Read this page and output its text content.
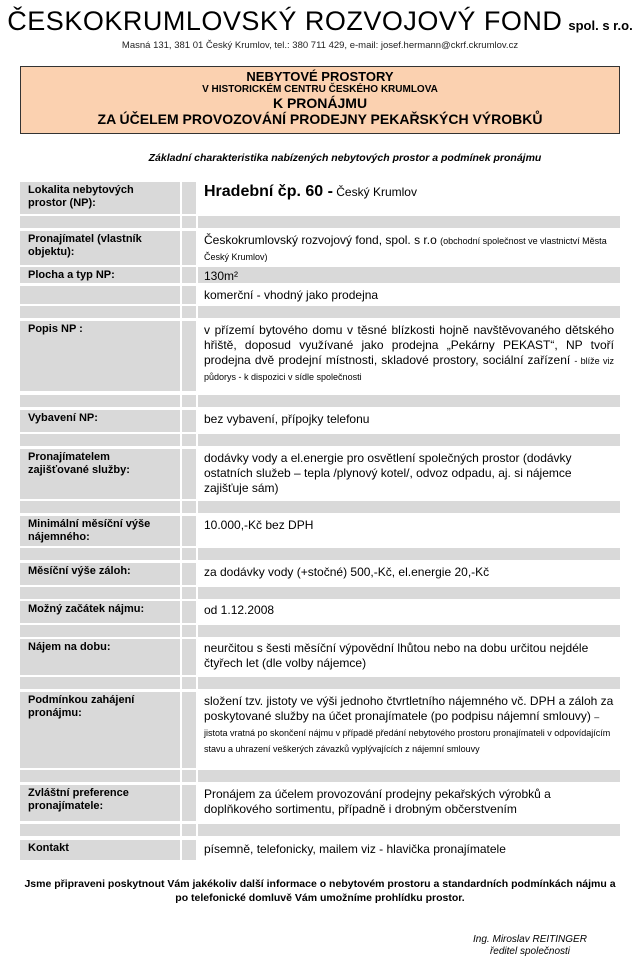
ČESKOKRUMLOVSKÝ ROZVOJOVÝ FOND spol. s r.o.
Masná 131, 381 01 Český Krumlov, tel.: 380 711 429, e-mail: josef.hermann@ckrf.ckrumlov.cz
NEBYTOVÉ PROSTORY
V HISTORICKÉM CENTRU ČESKÉHO KRUMLOVA
K PRONÁJMU
ZA ÚČELEM PROVOZOVÁNÍ PRODEJNY PEKAŘSKÝCH VÝROBKŮ
Základní charakteristika nabízených nebytových prostor a podmínek pronájmu
Lokalita nebytových prostor (NP):
Hradební čp. 60 - Český Krumlov
Pronajímatel (vlastník objektu):
Českokrumlovský rozvojový fond, spol. s r.o (obchodní společnost ve vlastnictví Města Český Krumlov)
Plocha a typ NP:	130m²
komerční - vhodný jako prodejna
Popis NP :	v přízemí bytového domu v těsné blízkosti hojně navštěvovaného dětského hřiště, doposud využívané jako prodejna „Pekárny PEKAST“, NP tvoří prodejna dvě prodejní místnosti, skladové prostory, sociální zařízení - blíže viz půdorys - k dispozici v sídle společnosti
Vybavení NP:	bez vybavení, přípojky telefonu
Pronajímatelem zajišťované služby:
dodávky vody a el.energie pro osvětlení společných prostor (dodávky ostatních služeb – tepla /plynový kotel/, odvoz odpadu, aj. si nájemce zajišťuje sám)
Minimální měsíční výše nájemného:
10.000,-Kč bez DPH
Měsíční výše záloh:	za dodávky vody (+stočné) 500,-Kč, el.energie 20,-Kč
Možný začátek nájmu:	od 1.12.2008
Nájem na dobu:	neurčitou s šesti měsíční výpovědní lhůtou nebo na dobu určitou nejdéle čtyřech let (dle volby nájemce)
Podmínkou zahájení pronájmu:
složení tzv. jistoty ve výši jednoho čtvrtletního nájemného vč. DPH a záloh za poskytované služby na účet pronajímatele (po podpisu nájemní smlouvy) – jistota vratná po skončení nájmu v případě předání nebytového prostoru pronajímateli v odpovídajícím stavu a uhrazení veškerých závazků vyplývajících z nájemní smlouvy
Zvláštní preference pronajímatele:
Pronájem za účelem provozování prodejny pekařských výrobků a doplňkového sortimentu, případně i drobným občerstvením
Kontakt	písemně, telefonicky, mailem viz - hlavička pronajímatele
Jsme připraveni poskytnout Vám jakékoliv další informace o nebytovém prostoru a standardních podmínkách nájmu a po telefonické domluvě Vám umožníme prohlídku prostor.
Ing. Miroslav REITINGER
ředitel společnosti
